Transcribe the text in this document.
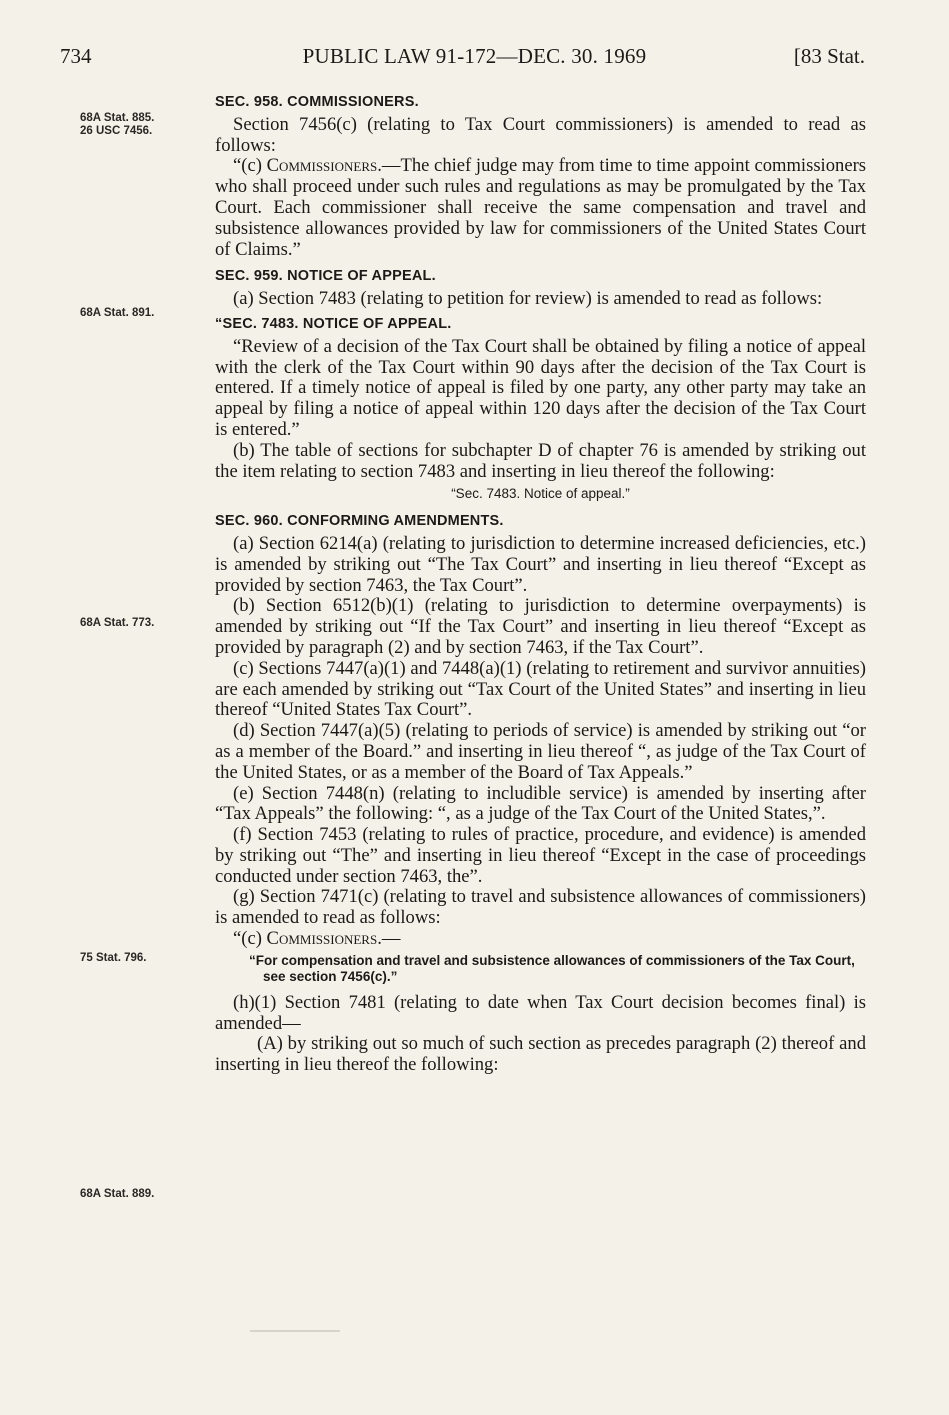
734	PUBLIC LAW 91-172—DEC. 30. 1969	[83 Stat.
68A Stat. 885.
26 USC 7456.
68A Stat. 891.
68A Stat. 773.
75 Stat. 796.
68A Stat. 889.

SEC. 958. COMMISSIONERS.

Section 7456(c) (relating to Tax Court commissioners) is amended to read as follows:

“(c) Commissioners.—The chief judge may from time to time appoint commissioners who shall proceed under such rules and regulations as may be promulgated by the Tax Court. Each commissioner shall receive the same compensation and travel and subsistence allowances provided by law for commissioners of the United States Court of Claims.”

SEC. 959. NOTICE OF APPEAL.

(a) Section 7483 (relating to petition for review) is amended to read as follows:

“SEC. 7483. NOTICE OF APPEAL.

“Review of a decision of the Tax Court shall be obtained by filing a notice of appeal with the clerk of the Tax Court within 90 days after the decision of the Tax Court is entered. If a timely notice of appeal is filed by one party, any other party may take an appeal by filing a notice of appeal within 120 days after the decision of the Tax Court is entered.”

(b) The table of sections for subchapter D of chapter 76 is amended by striking out the item relating to section 7483 and inserting in lieu thereof the following:

“Sec. 7483. Notice of appeal.”

SEC. 960. CONFORMING AMENDMENTS.

(a) Section 6214(a) (relating to jurisdiction to determine increased deficiencies, etc.) is amended by striking out “The Tax Court” and inserting in lieu thereof “Except as provided by section 7463, the Tax Court”.

(b) Section 6512(b)(1) (relating to jurisdiction to determine overpayments) is amended by striking out “If the Tax Court” and inserting in lieu thereof “Except as provided by paragraph (2) and by section 7463, if the Tax Court”.

(c) Sections 7447(a)(1) and 7448(a)(1) (relating to retirement and survivor annuities) are each amended by striking out “Tax Court of the United States” and inserting in lieu thereof “United States Tax Court”.

(d) Section 7447(a)(5) (relating to periods of service) is amended by striking out “or as a member of the Board.” and inserting in lieu thereof “, as judge of the Tax Court of the United States, or as a member of the Board of Tax Appeals.”

(e) Section 7448(n) (relating to includible service) is amended by inserting after “Tax Appeals” the following: “, as a judge of the Tax Court of the United States,”.

(f) Section 7453 (relating to rules of practice, procedure, and evidence) is amended by striking out “The” and inserting in lieu thereof “Except in the case of proceedings conducted under section 7463, the”.

(g) Section 7471(c) (relating to travel and subsistence allowances of commissioners) is amended to read as follows:

“(c) Commissioners.—

“For compensation and travel and subsistence allowances of commissioners of the Tax Court, see section 7456(c).”

(h)(1) Section 7481 (relating to date when Tax Court decision becomes final) is amended—

(A) by striking out so much of such section as precedes paragraph (2) thereof and inserting in lieu thereof the following:
